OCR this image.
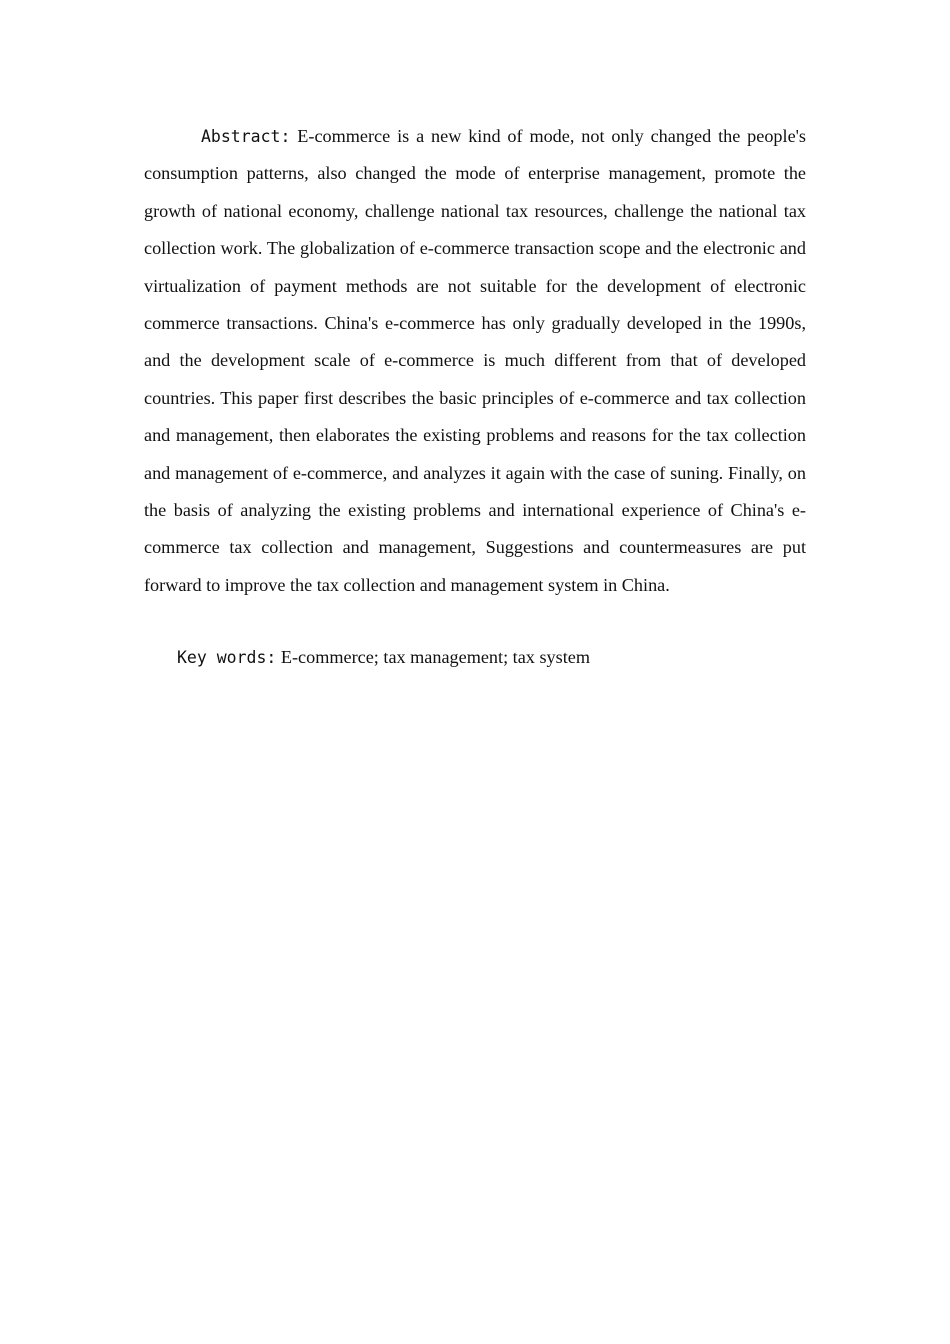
Abstract: E-commerce is a new kind of mode, not only changed the people's consumption patterns, also changed the mode of enterprise management, promote the growth of national economy, challenge national tax resources, challenge the national tax collection work. The globalization of e-commerce transaction scope and the electronic and virtualization of payment methods are not suitable for the development of electronic commerce transactions. China's e-commerce has only gradually developed in the 1990s, and the development scale of e-commerce is much different from that of developed countries. This paper first describes the basic principles of e-commerce and tax collection and management, then elaborates the existing problems and reasons for the tax collection and management of e-commerce, and analyzes it again with the case of suning. Finally, on the basis of analyzing the existing problems and international experience of China's e-commerce tax collection and management, Suggestions and countermeasures are put forward to improve the tax collection and management system in China.

Key words: E-commerce; tax management; tax system
